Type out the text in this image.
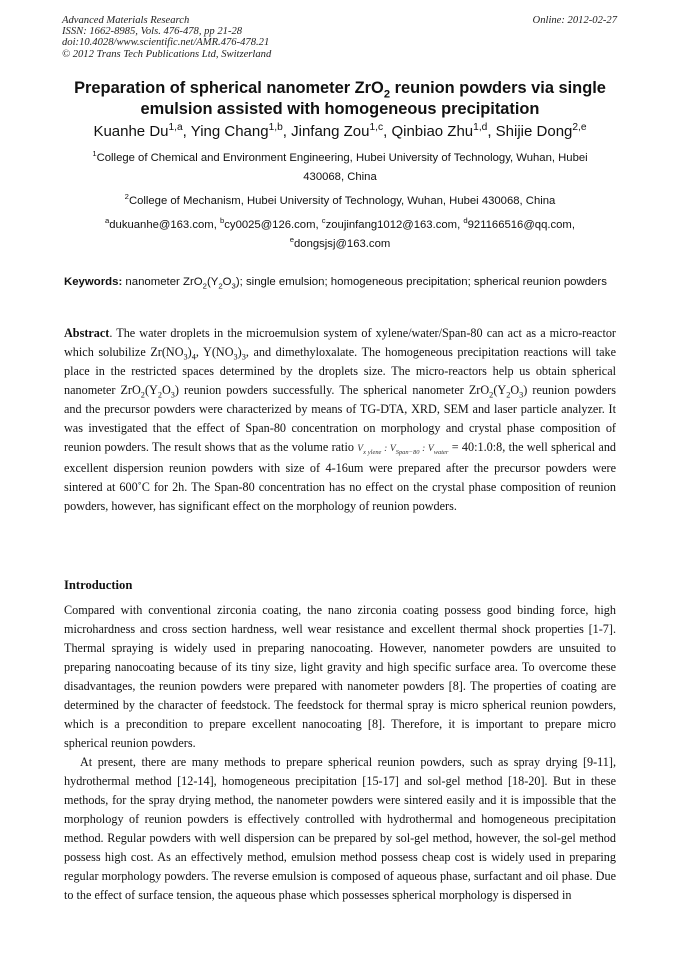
Advanced Materials Research
ISSN: 1662-8985, Vols. 476-478, pp 21-28
doi:10.4028/www.scientific.net/AMR.476-478.21
© 2012 Trans Tech Publications Ltd, Switzerland
Online: 2012-02-27
Preparation of spherical nanometer ZrO$_2$ reunion powders via single
emulsion assisted with homogeneous precipitation
Kuanhe Du$^{1,a}$, Ying Chang$^{1,b}$, Jinfang Zou$^{1,c}$, Qinbiao Zhu$^{1,d}$, Shijie Dong$^{2,e}$
$^1$College of Chemical and Environment Engineering, Hubei University of Technology, Wuhan, Hubei
430068, China
$^2$College of Mechanism, Hubei University of Technology, Wuhan, Hubei 430068, China
$^a$dukuanhe@163.com, $^b$cy0025@126.com, $^c$zoujinfang1012@163.com, $^d$921166516@qq.com,
$^e$dongsjsj@163.com
Keywords: nanometer $ZrO_2(Y_2O_3)$; single emulsion; homogeneous precipitation; spherical reunion powders

Abstract. The water droplets in the microemulsion system of xylene/water/Span-80 can act as a micro-reactor which solubilize $Zr(NO_3)_4$, $Y(NO_3)_3$, and dimethyloxalate. The homogeneous precipitation reactions will take place in the restricted spaces determined by the droplets size. The micro-reactors help us obtain spherical nanometer $ZrO_2(Y_2O_3)$ reunion powders successfully. The spherical nanometer $ZrO_2(Y_2O_3)$ reunion powders and the precursor powders were characterized by means of TG-DTA, XRD, SEM and laser particle analyzer. It was investigated that the effect of Span-80 concentration on morphology and crystal phase composition of reunion powders. The result shows that as the volume ratio $V_{x ylene}$ : $V_{Span-80}$ : $V_{water}$ = 40:1.0:8, the well spherical and excellent dispersion reunion powders with size of 4-16um were prepared after the precursor powders were sintered at 600˚C for 2h. The Span-80 concentration has no effect on the crystal phase composition of reunion powders, however, has significant effect on the morphology of reunion powders.

Introduction

Compared with conventional zirconia coating, the nano zirconia coating possess good binding force, high microhardness and cross section hardness, well wear resistance and excellent thermal shock properties [1-7]. Thermal spraying is widely used in preparing nanocoating. However, nanometer powders are unsuited to preparing nanocoating because of its tiny size, light gravity and high specific surface area. To overcome these disadvantages, the reunion powders were prepared with nanometer powders [8]. The properties of coating are determined by the character of feedstock. The feedstock for thermal spray is micro spherical reunion powders, which is a precondition to prepare excellent nanocoating [8]. Therefore, it is important to prepare micro spherical reunion powders.

At present, there are many methods to prepare spherical reunion powders, such as spray drying [9-11], hydrothermal method [12-14], homogeneous precipitation [15-17] and sol-gel method [18-20]. But in these methods, for the spray drying method, the nanometer powders were sintered easily and it is impossible that the morphology of reunion powders is effectively controlled with hydrothermal and homogeneous precipitation method. Regular powders with well dispersion can be prepared by sol-gel method, however, the sol-gel method possess high cost. As an effectively method, emulsion method possess cheap cost is widely used in preparing regular morphology powders. The reverse emulsion is composed of aqueous phase, surfactant and oil phase. Due to the effect of surface tension, the aqueous phase which possesses spherical morphology is dispersed in
